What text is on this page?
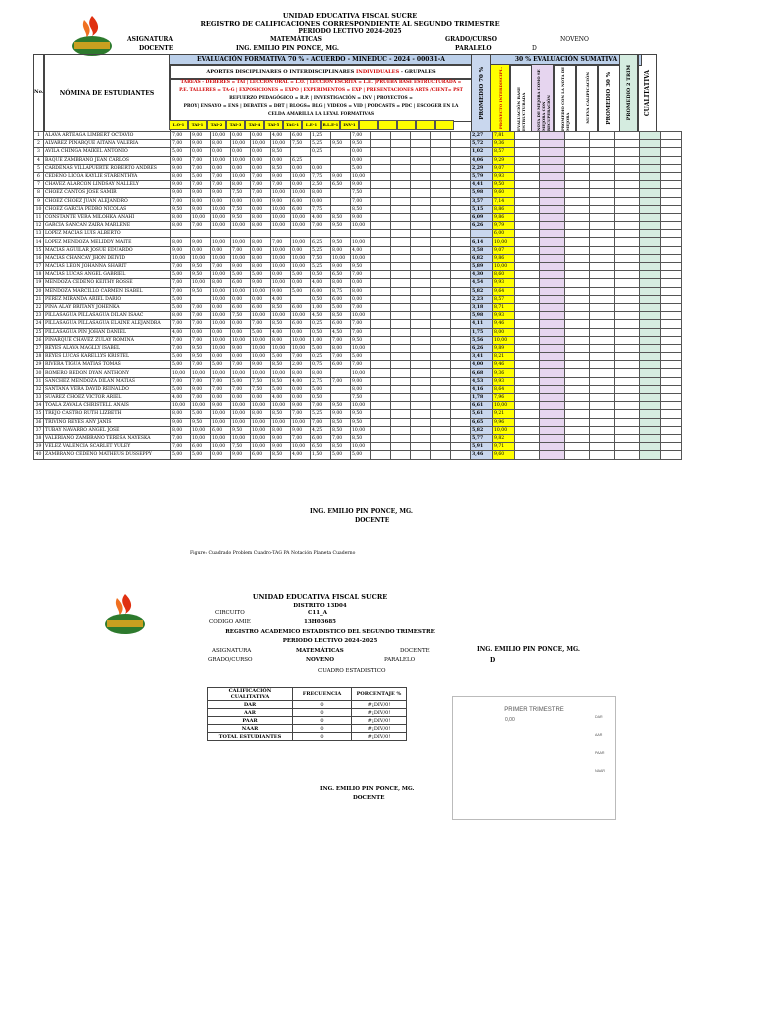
UNIDAD EDUCATIVA FISCAL SUCRE
REGISTRO DE CALIFICACIONES CORRESPONDIENTE AL SEGUNDO TRIMESTRE
PERIODO LECTIVO 2024-2025
ASIGNATURA	MATEMÁTICAS
DOCENTE	ING. EMILIO PIN PONCE, MG.
GRADO/CURSO	NOVENO
PARALELO	D
No.	NÓMINA DE ESTUDIANTES
EVALUACIÓN FORMATIVA 70 % - ACUERDO - MINEDUC - 2024 - 00031-A
APORTES DISCIPLINARES O INTERDISCIPLINARES INDIVIDUALES - GRUPALES
TAREAS - DEBERES = TAI | LECCIÓN ORAL = L.O. | LECCIÓN ESCRITA = L.E. |PRUEBA BASE ESTRUCTURADA =
P.E. TALLERES = TA-G | EXPOSICIONES = EXPO | EXPERIMENTOS = EXP | PRESENTACIONES ARTS /CIENT= PST
REFUERZO PEDAGÓGICO = R.P. | INVESTIGACIÓN = INV | PROYECTOS =
PROY| ENSAYO = ENS | DEBATES = DBT | BLOGS= BLG | VIDEOS = VID | PODCASTS = PDC | ESCOGER EN LA
CELDA AMARILLA LA LEYAL FORMATIVAS
L.O-1	TAI-1	TAI-2	TAI-3	TAI-4	TAI-5	TAG-1	L.E-1	R.L.E-1	INV-1
PROMEDIO 70 %
30 % EVALUACIÓN SUMATIVA
PROYECTO INTERDISCIPL.	EVALUACIÓN BASE ESTRUCTURADA	NOTA DE MEJORA COMO SE MEJORA CON RECUPERACIÓN	PROMEDIO CON LA NOTA DE MEJORA	NUEVA CALIFICACIÓN	PROMEDIO 30 %	PROMEDIO 2 TRIM CUALITATIVA
1	ALAVA ARTEAGA LIMBERT OCTAVIO	7,00	9,00	10,00	0,00	0,00	4,00	6,00	1,25		7,00						2,27	7,81							
2	ALVAREZ PINARQUE AITANA VALERIA	7,00	9,00	8,00	10,00	10,00	10,00	7,50	5,25	9,50	9,50						5,72	9,36							
3	AVILA CHINGA MAIKEL ANTONIO	5,00	0,00	0,00	0,00	0,00	8,50		0,25		0,00						1,02	8,57							
4	BAQUE ZAMBRANO JEAN CARLOS	9,00	7,00	10,00	10,00	0,00	0,00	6,25			0,00						4,06	9,29							
5	CARDENAS VILLAPUERTE ROBERTO ANDRES	9,00	7,00	0,00	0,00	0,00	8,50	0,00	0,00		5,00						2,29	9,07							
6	CEDEÑO LICOA KAYLIE STARENTHYA	8,00	5,00	7,00	10,00	7,00	9,00	10,00	7,75	9,00	10,00						5,79	9,93							
7	CHAVEZ ALARCON LINDSAY NALLELY	9,00	7,00	7,00	8,00	7,00	7,00	0,00	2,50	6,50	9,00						4,41	9,50							
8	CHOEZ CANTOS JOSE SAMIR	9,00	9,00	9,00	7,50	7,00	10,00	10,00	8,00		7,50						5,98	9,60							
9	CHOEZ CHOEZ JUAN ALEJANDRO	7,00	8,00	0,00	0,00	0,00	9,00	6,00	0,00		7,00						3,57	7,14							
10	CHOEZ GARCIA PEDRO NICOLAS	9,50	9,00	10,00	7,50	0,00	10,00	6,00	7,75		8,50						5,15	8,86							
11	CONSTANTE VERA MILOHKA ANAHI	8,00	10,00	10,00	9,50	8,00	10,00	10,00	4,00	8,50	9,00						6,09	9,86							
12	GARCIA SANCAN ZAIRA MARLENE	8,00	7,00	10,00	10,00	8,00	10,00	10,00	7,00	9,50	10,00						6,26	9,79							
13	LOPEZ MACIAS LUIS ALBERTO																	6,00							
14	LOPEZ MENDOZA MELIDDY MAITE	8,00	9,00	10,00	10,00	8,00	7,00	10,00	6,25	9,50	10,00						6,14	10,00							
15	MACIAS AGUILAR JOSUE EDUARDO	9,00	0,00	0,00	7,00	0,00	10,00	0,00	5,25	8,00	4,00						3,58	9,07							
16	MACIAS CHANCAY JHON DEIVID	10,00	10,00	10,00	10,00	8,00	10,00	10,00	7,50	10,00	10,00						6,82	9,86							
17	MACIAS LEON JOHANNA SHARIT	7,00	9,50	7,00	9,00	8,00	10,00	10,00	5,25	9,00	9,50						5,89	10,00							
18	MACIAS LUCAS ANGEL GABRIEL	5,00	9,50	10,00	5,00	5,00	0,00	5,00	0,50	6,50	7,00						4,30	8,60							
19	MENDOZA CEDEÑO KEITHY ROSSE	7,00	10,00	8,00	6,00	9,00	10,00	0,00	4,00	8,00	0,00						4,54	9,93							
20	MENDOZA MARCILLO CARMEN ISABEL	7,00	9,50	10,00	10,00	10,00	9,00	5,00	6,00	8,75	8,00						5,82	9,64							
21	PEREZ MIRANDA ARIEL DARIO	5,00		10,00	0,00	0,00	4,00		0,50	6,00	0,00						2,23	8,57							
22	PIÑA ALAY BRITANY JOHENKA	5,00	7,00	0,00	6,00	6,00	8,50	6,00	1,00	5,00	7,00						3,18	8,71							
23	PILLASAGUA PILLASAGUA DILAN ISAAC	8,00	7,00	10,00	7,50	10,00	10,00	10,00	4,50	8,50	10,00						5,98	9,93							
24	PILLASAGUA PILLASAGUA ELAINE ALEJANDRA	7,00	7,00	10,00	0,00	7,00	8,50	6,00	0,25	6,00	7,00						4,11	9,46							
25	PILLASAGUA PIN JOHAN DANIEL	4,00	0,00	0,00	0,00	5,00	4,00	0,00	0,50	4,50	7,00						1,75	8,00							
26	PINARQUE CHAVEZ ZULAY ROMINA	7,00	7,00	10,00	10,00	10,00	8,00	10,00	1,00	7,00	9,50						5,56	10,00							
27	REYES ALAVA MAGLLY ISABEL	7,00	9,50	10,00	9,00	10,00	10,00	10,00	5,00	8,00	10,00						6,26	9,89							
28	REYES LUCAS KARELLYS KRISTEL	5,00	9,50	0,00	0,00	10,00	5,00	7,00	0,25	7,00	5,00						3,41	8,21							
29	RIVERA TIGUA MATIAS TOMAS	5,00	7,00	5,00	7,00	9,00	8,50	2,00	0,75	6,00	7,00						4,00	9,46							
30	ROMERO BEDON DYAN ANTHONY	10,00	10,00	10,00	10,00	10,00	10,00	8,00	8,00		10,00						6,68	9,36							
31	SANCHEZ MENDOZA DILAN MATIAS	7,00	7,00	7,00	5,00	7,50	8,50	4,00	2,75	7,00	9,00						4,53	9,93							
32	SANTANA VERA DAVID REINALDO	5,00	9,00	7,00	7,00	7,50	5,00	0,00	5,00		8,00						4,16	8,64							
33	SUAREZ CHOEZ VICTOR ARIEL	4,00	7,00	0,00	0,00	0,00	4,00	0,00	0,50		7,50						1,78	7,96							
34	TOALA ZAVALA CHRISTELL ANAIS	10,00	10,00	9,00	10,00	10,00	10,00	9,00	7,00	9,50	10,00						6,61	10,00							
35	TREJO CASTRO RUTH LIZBETH	8,00	5,00	10,00	10,00	8,00	8,50	7,00	5,25	9,00	9,50						5,61	9,21							
36	TRIVIÑO REYES ANY JANIS	9,00	9,50	10,00	10,00	10,00	10,00	10,00	7,00	8,50	9,50						6,65	9,96							
37	TUBAY NAVARRO ANGEL JOSE	8,00	10,00	6,00	9,50	10,00	8,00	9,00	4,25	8,50	10,00						5,82	10,00							
38	VALERIANO ZAMBRANO TERESA NAYESKA	7,00	10,00	10,00	10,00	10,00	9,00	7,00	6,00	7,00	8,50						5,77	9,82							
39	VELEZ VALENCIA SCARLET YULEY	7,00	6,00	10,00	7,50	10,00	9,00	10,00	6,50	8,50	10,00						5,91	9,71							
40	ZAMBRANO CEDEÑO MATHEUS DUSSEPPY	5,00	5,00	0,00	9,00	6,00	8,50	4,00	1,50	5,00	5,00						3,46	9,60							
ING. EMILIO PIN PONCE, MG.
DOCENTE
Figure: Cuadrado Problem Cuadro-TAG PA Notación Planeta Cuaderno
UNIDAD EDUCATIVA FISCAL SUCRE
DISTRITO 13D04
CIRCUITO	C11_A
CODIGO AMIE	13H03685
REGISTRO ACADEMICO ESTADISTICO DEL SEGUNDO TRIMESTRE
PERIODO LECTIVO 2024-2025
ASIGNATURA	MATEMÁTICAS	DOCENTE	ING. EMILIO PIN PONCE, MG.
GRADO/CURSO	NOVENO	PARALELO	D
CUADRO ESTADISTICO
CALIFICACIÓN CUALITATIVA	FRECUENCIA	PORCENTAJE %
DAR	0	#¡DIV/0!
AAR	0	#¡DIV/0!
PAAR	0	#¡DIV/0!
NAAR	0	#¡DIV/0!
TOTAL ESTUDIANTES	0	#¡DIV/0!
PRIMER TRIMESTRE
0,00	DAR
AAR
PAAR
NAAR
ING. EMILIO PIN PONCE, MG.
DOCENTE
